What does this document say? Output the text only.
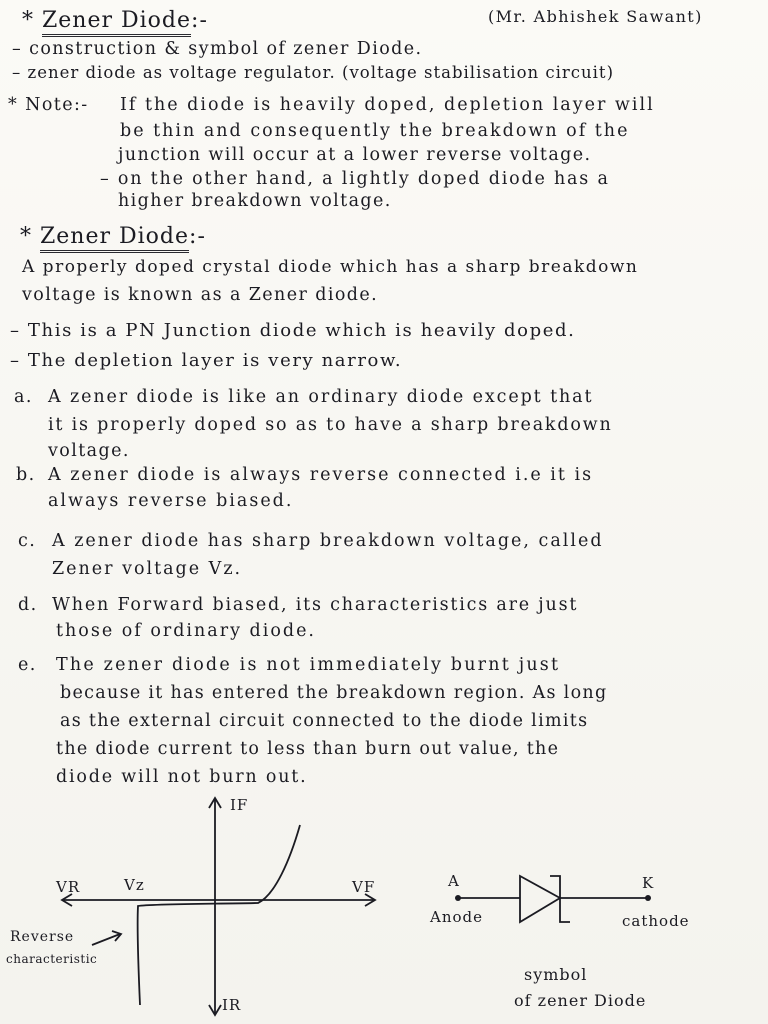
* Zener Diode:-	(Mr. Abhishek Sawant)
– construction & symbol of zener Diode.
– zener diode as voltage regulator. (voltage stabilisation circuit)
* Note:- If the diode is heavily doped, depletion layer will
be thin and consequently the breakdown of the
junction will occur at a lower reverse voltage.
– on the other hand, a lightly doped diode has a
higher breakdown voltage.
* Zener Diode:-
A properly doped crystal diode which has a sharp breakdown
voltage is known as a Zener diode.
– This is a PN Junction diode which is heavily doped.
– The depletion layer is very narrow.
a. A zener diode is like an ordinary diode except that
it is properly doped so as to have a sharp breakdown
voltage.
b. A zener diode is always reverse connected i.e it is
always reverse biased.
c. A zener diode has sharp breakdown voltage, called
Zener voltage Vz.
d. When Forward biased, its characteristics are just
those of ordinary diode.
e. The zener diode is not immediately burnt just
because it has entered the breakdown region. As long
as the external circuit connected to the diode limits
the diode current to less than burn out value, the
diode will not burn out.
IF
IR
VR	Vz	VF
Reverse
characteristic
A	K
Anode	cathode
symbol
of zener Diode
